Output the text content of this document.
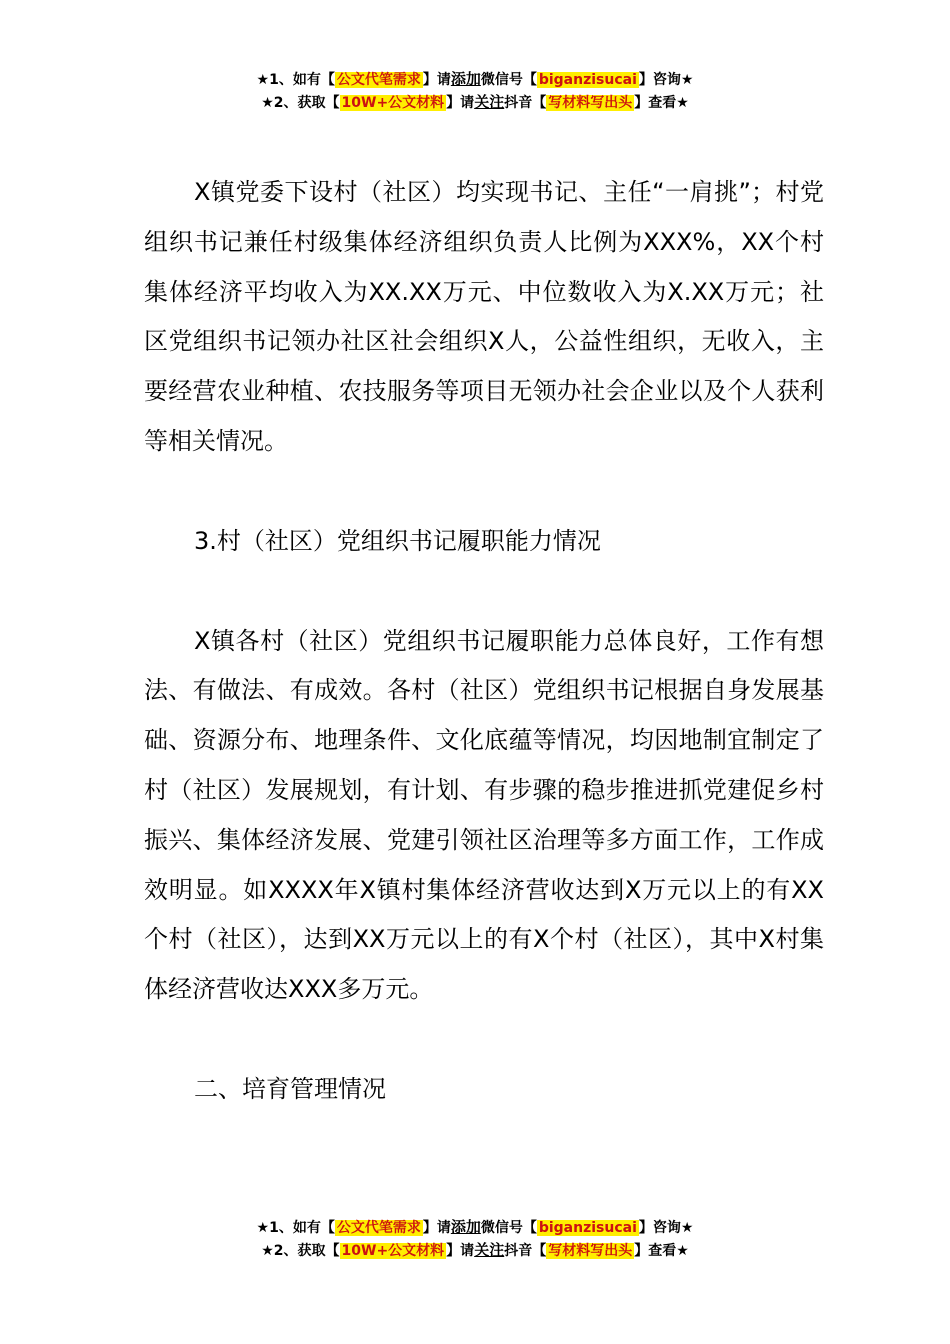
★1、如有【 公文代笔需求 】请添加微信号【 biganzisucai 】咨询★
★2、获取【 10W+公文材料 】请关注抖音【 写材料写出头 】查看★

X镇党委下设村（社区）均实现书记、主任“一肩挑”；村党组织书记兼任村级集体经济组织负责人比例为XXX%，XX个村集体经济平均收入为XX.XX万元、中位数收入为X.XX万元；社区党组织书记领办社区社会组织X人，公益性组织，无收入，主要经营农业种植、农技服务等项目无领办社会企业以及个人获利等相关情况。

3.村（社区）党组织书记履职能力情况

X镇各村（社区）党组织书记履职能力总体良好，工作有想法、有做法、有成效。各村（社区）党组织书记根据自身发展基础、资源分布、地理条件、文化底蕴等情况，均因地制宜制定了村（社区）发展规划，有计划、有步骤的稳步推进抓党建促乡村振兴、集体经济发展、党建引领社区治理等多方面工作，工作成效明显。如XXXX年X镇村集体经济营收达到X万元以上的有XX个村（社区），达到XX万元以上的有X个村（社区），其中X村集体经济营收达XXX多万元。

二、培育管理情况

★1、如有【 公文代笔需求 】请添加微信号【 biganzisucai 】咨询★
★2、获取【 10W+公文材料 】请关注抖音【 写材料写出头 】查看★
